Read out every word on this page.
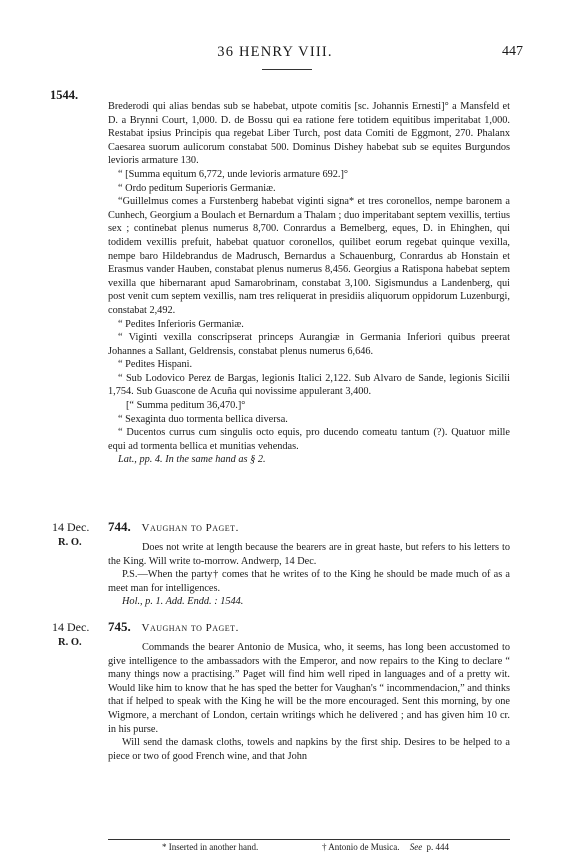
36 HENRY VIII.	447
1544.

Brederodi qui alias bendas sub se habebat, utpote comitis [sc. Johannis Ernesti]° a Mansfeld et D. a Brynni Court, 1,000. D. de Bossu qui ea ratione fere totidem equitibus imperitabat 1,000. Restabat ipsius Principis qua regebat Liber Turch, post data Comiti de Eggmont, 270. Phalanx Caesarea suorum aulicorum constabat 500. Dominus Dishey habebat sub se equites Burgundos levioris armature 130.

“ [Summa equitum 6,772, unde levioris armature 692.]°

“ Ordo peditum Superioris Germaniæ.

“Guillelmus comes a Furstenberg habebat viginti signa* et tres coronellos, nempe baronem a Cunhech, Georgium a Boulach et Bernardum a Thalam ; duo imperitabant septem vexillis, tertius sex ; continebat plenus numerus 8,700. Conrardus a Bemelberg, eques, D. in Ehinghen, qui todidem vexillis prefuit, habebat quatuor coronellos, quilibet eorum regebat quinque vexilla, nempe baro Hildebrandus de Madrusch, Bernardus a Schauenburg, Conrardus ab Honstain et Erasmus vander Hauben, constabat plenus numerus 8,456. Georgius a Ratispona habebat septem vexilla que hibernarant apud Samarobrinam, constabat 3,100. Sigismundus a Landenberg, qui post venit cum septem vexillis, nam tres reliquerat in presidiis aliquorum oppidorum Luzenburgi, constabat 2,492.

“ Pedites Inferioris Germaniæ.

“ Viginti vexilla conscripserat princeps Aurangiæ in Germania Inferiori quibus preerat Johannes a Sallant, Geldrensis, constabat plenus numerus 6,646.

“ Pedites Hispani.

“ Sub Lodovico Perez de Bargas, legionis Italici 2,122. Sub Alvaro de Sande, legionis Sicilii 1,754. Sub Guascone de Acuña qui novissime appulerant 3,400.

[“ Summa peditum 36,470.]°

“ Sexaginta duo tormenta bellica diversa.

“ Ducentos currus cum singulis octo equis, pro ducendo comeatu tantum (?). Quatuor mille equi ad tormenta bellica et munitias vehendas.

Lat., pp. 4. In the same hand as § 2.

14 Dec.
R. O.
744. Vaughan to Paget.

Does not write at length because the bearers are in great haste, but refers to his letters to the King. Will write to-morrow. Andwerp, 14 Dec.

P.S.—When the party† comes that he writes of to the King he should be made much of as a meet man for intelligences.

Hol., p. 1. Add. Endd. : 1544.

14 Dec.
R. O.
745. Vaughan to Paget.

Commands the bearer Antonio de Musica, who, it seems, has long been accustomed to give intelligence to the ambassadors with the Emperor, and now repairs to the King to declare “ many things now a practising.” Paget will find him well riped in languages and of a pretty wit. Would like him to know that he has sped the better for Vaughan's “ incommendacion,” and thinks that if helped to speak with the King he will be the more encouraged. Sent this morning, by one Wigmore, a merchant of London, certain writings which he delivered ; and has given him 10 cr. in his purse.

Will send the damask cloths, towels and napkins by the first ship. Desires to be helped to a piece or two of good French wine, and that John

* Inserted in another hand.	† Antonio de Musica. See p. 444
